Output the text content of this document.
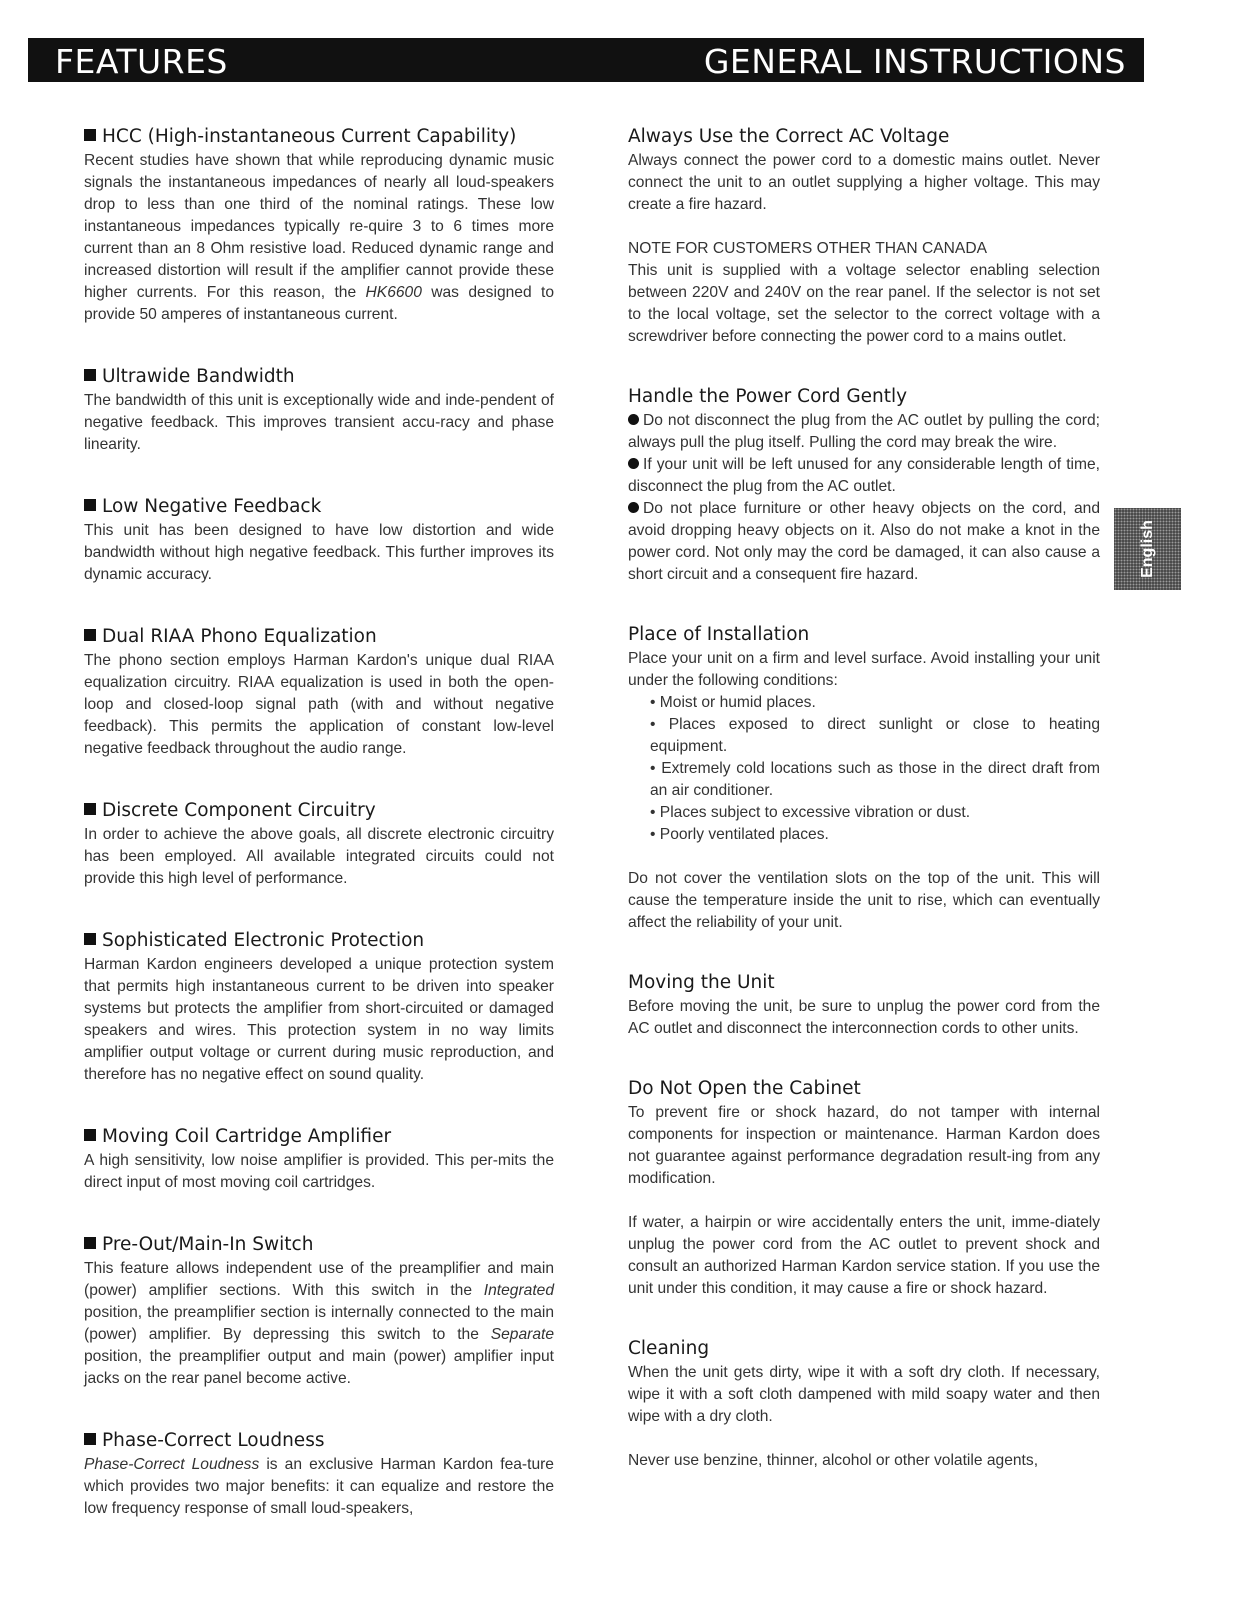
FEATURES	GENERAL INSTRUCTIONS
HCC (High-instantaneous Current Capability)

Recent studies have shown that while reproducing dynamic music signals the instantaneous impedances of nearly all loud-speakers drop to less than one third of the nominal ratings. These low instantaneous impedances typically re-quire 3 to 6 times more current than an 8 Ohm resistive load. Reduced dynamic range and increased distortion will result if the amplifier cannot provide these higher currents. For this reason, the HK6600 was designed to provide 50 amperes of instantaneous current.

Ultrawide Bandwidth

The bandwidth of this unit is exceptionally wide and inde-pendent of negative feedback. This improves transient accu-racy and phase linearity.

Low Negative Feedback

This unit has been designed to have low distortion and wide bandwidth without high negative feedback. This further improves its dynamic accuracy.

Dual RIAA Phono Equalization

The phono section employs Harman Kardon's unique dual RIAA equalization circuitry. RIAA equalization is used in both the open-loop and closed-loop signal path (with and without negative feedback). This permits the application of constant low-level negative feedback throughout the audio range.

Discrete Component Circuitry

In order to achieve the above goals, all discrete electronic circuitry has been employed. All available integrated circuits could not provide this high level of performance.

Sophisticated Electronic Protection

Harman Kardon engineers developed a unique protection system that permits high instantaneous current to be driven into speaker systems but protects the amplifier from short-circuited or damaged speakers and wires. This protection system in no way limits amplifier output voltage or current during music reproduction, and therefore has no negative effect on sound quality.

Moving Coil Cartridge Amplifier

A high sensitivity, low noise amplifier is provided. This per-mits the direct input of most moving coil cartridges.

Pre-Out/Main-In Switch

This feature allows independent use of the preamplifier and main (power) amplifier sections. With this switch in the Integrated position, the preamplifier section is internally connected to the main (power) amplifier. By depressing this switch to the Separate position, the preamplifier output and main (power) amplifier input jacks on the rear panel become active.

Phase-Correct Loudness

Phase-Correct Loudness is an exclusive Harman Kardon fea-ture which provides two major benefits: it can equalize and restore the low frequency response of small loud-speakers,

Always Use the Correct AC Voltage

Always connect the power cord to a domestic mains outlet. Never connect the unit to an outlet supplying a higher voltage. This may create a fire hazard.

NOTE FOR CUSTOMERS OTHER THAN CANADA

This unit is supplied with a voltage selector enabling selection between 220V and 240V on the rear panel. If the selector is not set to the local voltage, set the selector to the correct voltage with a screwdriver before connecting the power cord to a mains outlet.

Handle the Power Cord Gently

Do not disconnect the plug from the AC outlet by pulling the cord; always pull the plug itself. Pulling the cord may break the wire.

If your unit will be left unused for any considerable length of time, disconnect the plug from the AC outlet.

Do not place furniture or other heavy objects on the cord, and avoid dropping heavy objects on it. Also do not make a knot in the power cord. Not only may the cord be damaged, it can also cause a short circuit and a consequent fire hazard.

Place of Installation

Place your unit on a firm and level surface. Avoid installing your unit under the following conditions:

• Moist or humid places.
• Places exposed to direct sunlight or close to heating equipment.
• Extremely cold locations such as those in the direct draft from an air conditioner.
• Places subject to excessive vibration or dust.
• Poorly ventilated places.

Do not cover the ventilation slots on the top of the unit. This will cause the temperature inside the unit to rise, which can eventually affect the reliability of your unit.

Moving the Unit

Before moving the unit, be sure to unplug the power cord from the AC outlet and disconnect the interconnection cords to other units.

Do Not Open the Cabinet

To prevent fire or shock hazard, do not tamper with internal components for inspection or maintenance. Harman Kardon does not guarantee against performance degradation result-ing from any modification.

If water, a hairpin or wire accidentally enters the unit, imme-diately unplug the power cord from the AC outlet to prevent shock and consult an authorized Harman Kardon service station. If you use the unit under this condition, it may cause a fire or shock hazard.

Cleaning

When the unit gets dirty, wipe it with a soft dry cloth. If necessary, wipe it with a soft cloth dampened with mild soapy water and then wipe with a dry cloth.

Never use benzine, thinner, alcohol or other volatile agents,

English
